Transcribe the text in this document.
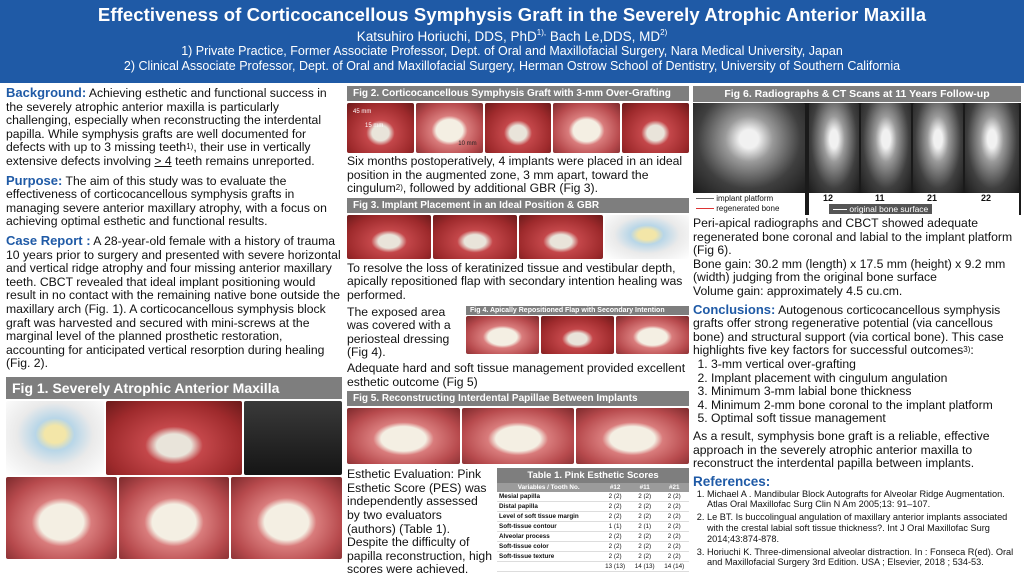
Effectiveness of Corticocancellous Symphysis Graft in the Severely Atrophic Anterior Maxilla
Katsuhiro Horiuchi, DDS, PhD$^{1),}$ Bach Le,DDS, MD$^{2)}$
1) Private Practice, Former Associate Professor, Dept. of Oral and Maxillofacial Surgery, Nara Medical University, Japan
2) Clinical Associate Professor, Dept. of Oral and Maxillofacial Surgery, Herman Ostrow School of Dentistry, University of Southern California
Background: Achieving esthetic and functional success in the severely atrophic anterior maxilla is particularly challenging, especially when reconstructing the interdental papilla. While symphysis grafts are well documented for defects with up to 3 missing teeth$^{1)}$, their use in vertically extensive defects involving > 4 teeth remains unreported.
Purpose: The aim of this study was to evaluate the effectiveness of corticocancellous symphysis grafts in managing severe anterior maxillary atrophy, with a focus on achieving optimal esthetic and functional results.
Case Report : A 28-year-old female with a history of trauma 10 years prior to surgery and presented with severe horizontal and vertical ridge atrophy and four missing anterior maxillary teeth. CBCT revealed that ideal implant positioning would result in no contact with the remaining native bone outside the maxillary arch (Fig. 1). A corticocancellous symphysis block graft was harvested and secured with mini-screws at the marginal level of the planned prosthetic restoration, accounting for anticipated vertical resorption during healing (Fig. 2).
Fig 1. Severely Atrophic Anterior Maxilla
Fig 2. Corticocancellous Symphysis Graft with 3-mm Over-Grafting
45 mm
15 mm
10 mm
Six months postoperatively, 4 implants were placed in an ideal position in the augmented zone, 3 mm apart, toward the cingulum$^{2)}$, followed by additional GBR (Fig 3).
Fig 3. Implant Placement in an Ideal Position & GBR
To resolve the loss of keratinized tissue and vestibular depth, apically repositioned flap with secondary intention healing was performed.
The exposed area was covered with a periosteal dressing (Fig 4).
Fig 4. Apically Repositioned Flap with Secondary Intention
Adequate hard and soft tissue management provided excellent esthetic outcome (Fig 5)
Fig 5. Reconstructing Interdental Papillae Between Implants
Esthetic Evaluation: Pink Esthetic Score (PES) was independently assessed by two evaluators (authors) (Table 1). Despite the difficulty of papilla reconstruction, high scores were achieved.
Table 1. Pink Esthetic Scores
Variables / Tooth No.	#12	#11	#21
Mesial papilla	2 (2)	2 (2)	2 (2)
Distal papilla	2 (2)	2 (2)	2 (2)
Level of soft tissue margin	2 (2)	2 (2)	2 (2)
Soft-tissue contour	1 (1)	2 (1)	2 (2)
Alveolar process	2 (2)	2 (2)	2 (2)
Soft-tissue color	2 (2)	2 (2)	2 (2)
Soft-tissue texture	2 (2)	2 (2)	2 (2)
	13 (13)	14 (13)	14 (14)
Fig 6. Radiographs & CT Scans at 11 Years Follow-up
implant platform
regenerated bone
12	11	21	22
original bone surface
Peri-apical radiographs and CBCT showed adequate regenerated bone coronal and labial to the implant platform (Fig 6).
Bone gain: 30.2 mm (length) x 17.5 mm (height) x 9.2 mm (width) judging from the original bone surface
Volume gain: approximately 4.5 cu.cm.
Conclusions: Autogenous corticocancellous symphysis grafts offer strong regenerative potential (via cancellous bone) and structural support (via cortical bone). This case highlights five key factors for successful outcomes$^{3)}$:
1. 3-mm vertical over-grafting
2. Implant placement with cingulum angulation
3. Minimum 3-mm labial bone thickness
4. Minimum 2-mm bone coronal to the implant platform
5. Optimal soft tissue management
As a result, symphysis bone graft is a reliable, effective approach in the severely atrophic anterior maxilla to reconstruct the interdental papilla between implants.
References:
1. Michael A . Mandibular Block Autografts for Alveolar Ridge Augmentation. Atlas Oral Maxillofac Surg Clin N Am 2005;13: 91–107.
2. Le BT. Is buccolingual angulation of maxillary anterior implants associated with the crestal labial soft tissue thickness?. Int J Oral Maxillofac Surg 2014;43:874-878.
3. Horiuchi K. Three-dimensional alveolar distraction. In : Fonseca R(ed). Oral and Maxillofacial Surgery 3rd Edition. USA ; Elsevier, 2018 ; 534-53.
